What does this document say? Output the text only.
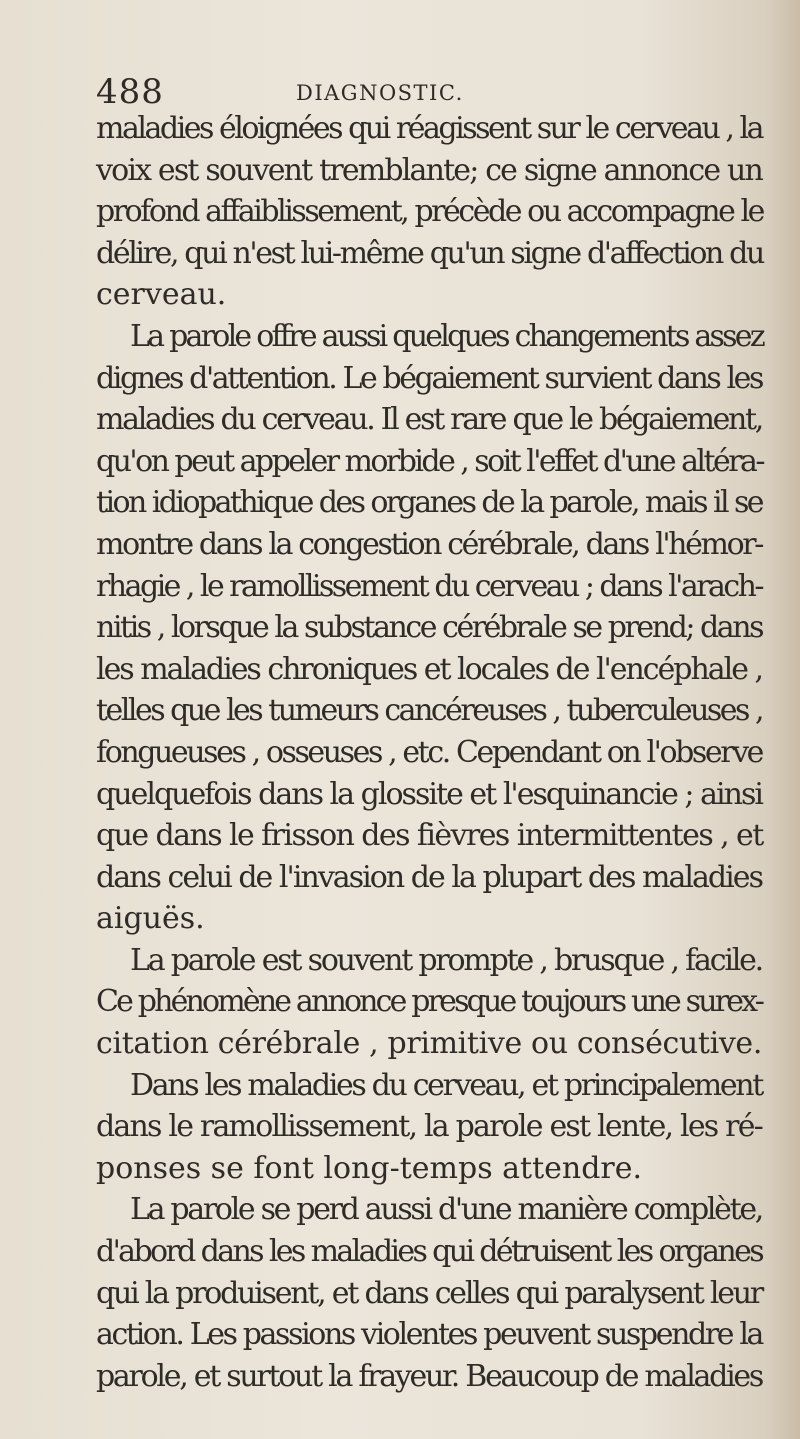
488	DIAGNOSTIC.
maladies éloignées qui réagissent sur le cerveau , la
voix est souvent tremblante; ce signe annonce un
profond affaiblissement, précède ou accompagne le
délire, qui n'est lui-même qu'un signe d'affection du
cerveau.
La parole offre aussi quelques changements assez
dignes d'attention. Le bégaiement survient dans les
maladies du cerveau. Il est rare que le bégaiement,
qu'on peut appeler morbide , soit l'effet d'une altéra-
tion idiopathique des organes de la parole, mais il se
montre dans la congestion cérébrale, dans l'hémor-
rhagie , le ramollissement du cerveau ; dans l'arach-
nitis , lorsque la substance cérébrale se prend; dans
les maladies chroniques et locales de l'encéphale ,
telles que les tumeurs cancéreuses , tuberculeuses ,
fongueuses , osseuses , etc. Cependant on l'observe
quelquefois dans la glossite et l'esquinancie ; ainsi
que dans le frisson des fièvres intermittentes , et
dans celui de l'invasion de la plupart des maladies
aiguës.
La parole est souvent prompte , brusque , facile.
Ce phénomène annonce presque toujours une surex-
citation cérébrale , primitive ou consécutive.
Dans les maladies du cerveau, et principalement
dans le ramollissement, la parole est lente, les ré-
ponses se font long-temps attendre.
La parole se perd aussi d'une manière complète,
d'abord dans les maladies qui détruisent les organes
qui la produisent, et dans celles qui paralysent leur
action. Les passions violentes peuvent suspendre la
parole, et surtout la frayeur. Beaucoup de maladies
